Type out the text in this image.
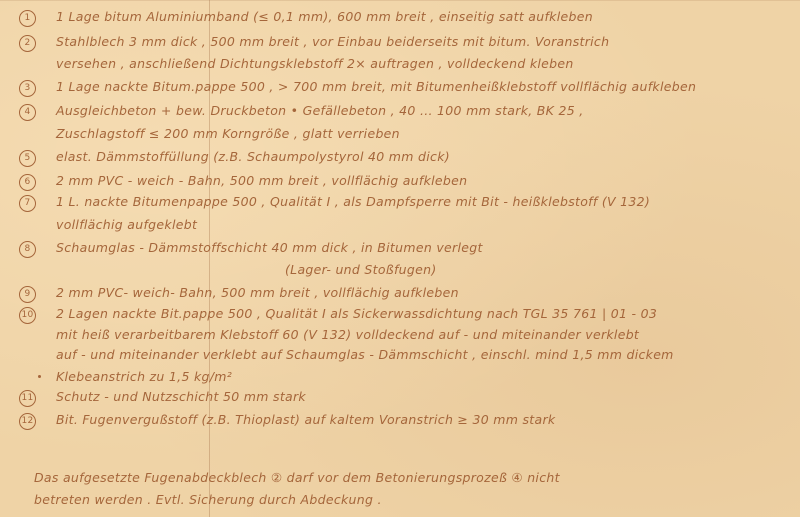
1	1 Lage bitum Aluminiumband (≤ 0,1 mm), 600 mm breit , einseitig satt aufkleben
2	Stahlblech 3 mm dick , 500 mm breit , vor Einbau beiderseits mit bitum. Voranstrich
versehen , anschließend Dichtungsklebstoff 2× auftragen , volldeckend kleben
3	1 Lage nackte Bitum.pappe 500 , > 700 mm breit, mit Bitumenheißklebstoff vollflächig aufkleben
4	Ausgleichbeton + bew. Druckbeton • Gefällebeton , 40 ... 100 mm stark, BK 25 ,
Zuschlagstoff ≤ 200 mm Korngröße , glatt verrieben
5	elast. Dämmstoffüllung (z.B. Schaumpolystyrol 40 mm dick)
6	2 mm PVC - weich - Bahn, 500 mm breit , vollflächig aufkleben
7	1 L. nackte Bitumenpappe 500 , Qualität I , als Dampfsperre mit Bit - heißklebstoff (V 132)
vollflächig aufgeklebt
8	Schaumglas - Dämmstoffschicht 40 mm dick , in Bitumen verlegt
(Lager- und Stoßfugen)
9	2 mm PVC- weich- Bahn, 500 mm breit , vollflächig aufkleben
10 2 Lagen nackte Bit.pappe 500 , Qualität I als Sickerwassdichtung nach TGL 35 761 | 01 - 03
mit heiß verarbeitbarem Klebstoff 60 (V 132) volldeckend auf - und miteinander verklebt
auf - und miteinander verklebt auf Schaumglas - Dämmschicht , einschl. mind 1,5 mm dickem
Klebeanstrich zu 1,5 kg/m²
11 Schutz - und Nutzschicht 50 mm stark
12 Bit. Fugenvergußstoff (z.B. Thioplast) auf kaltem Voranstrich ≥ 30 mm stark
Das aufgesetzte Fugenabdeckblech ② darf vor dem Betonierungsprozeß ④ nicht
betreten werden . Evtl. Sicherung durch Abdeckung .
